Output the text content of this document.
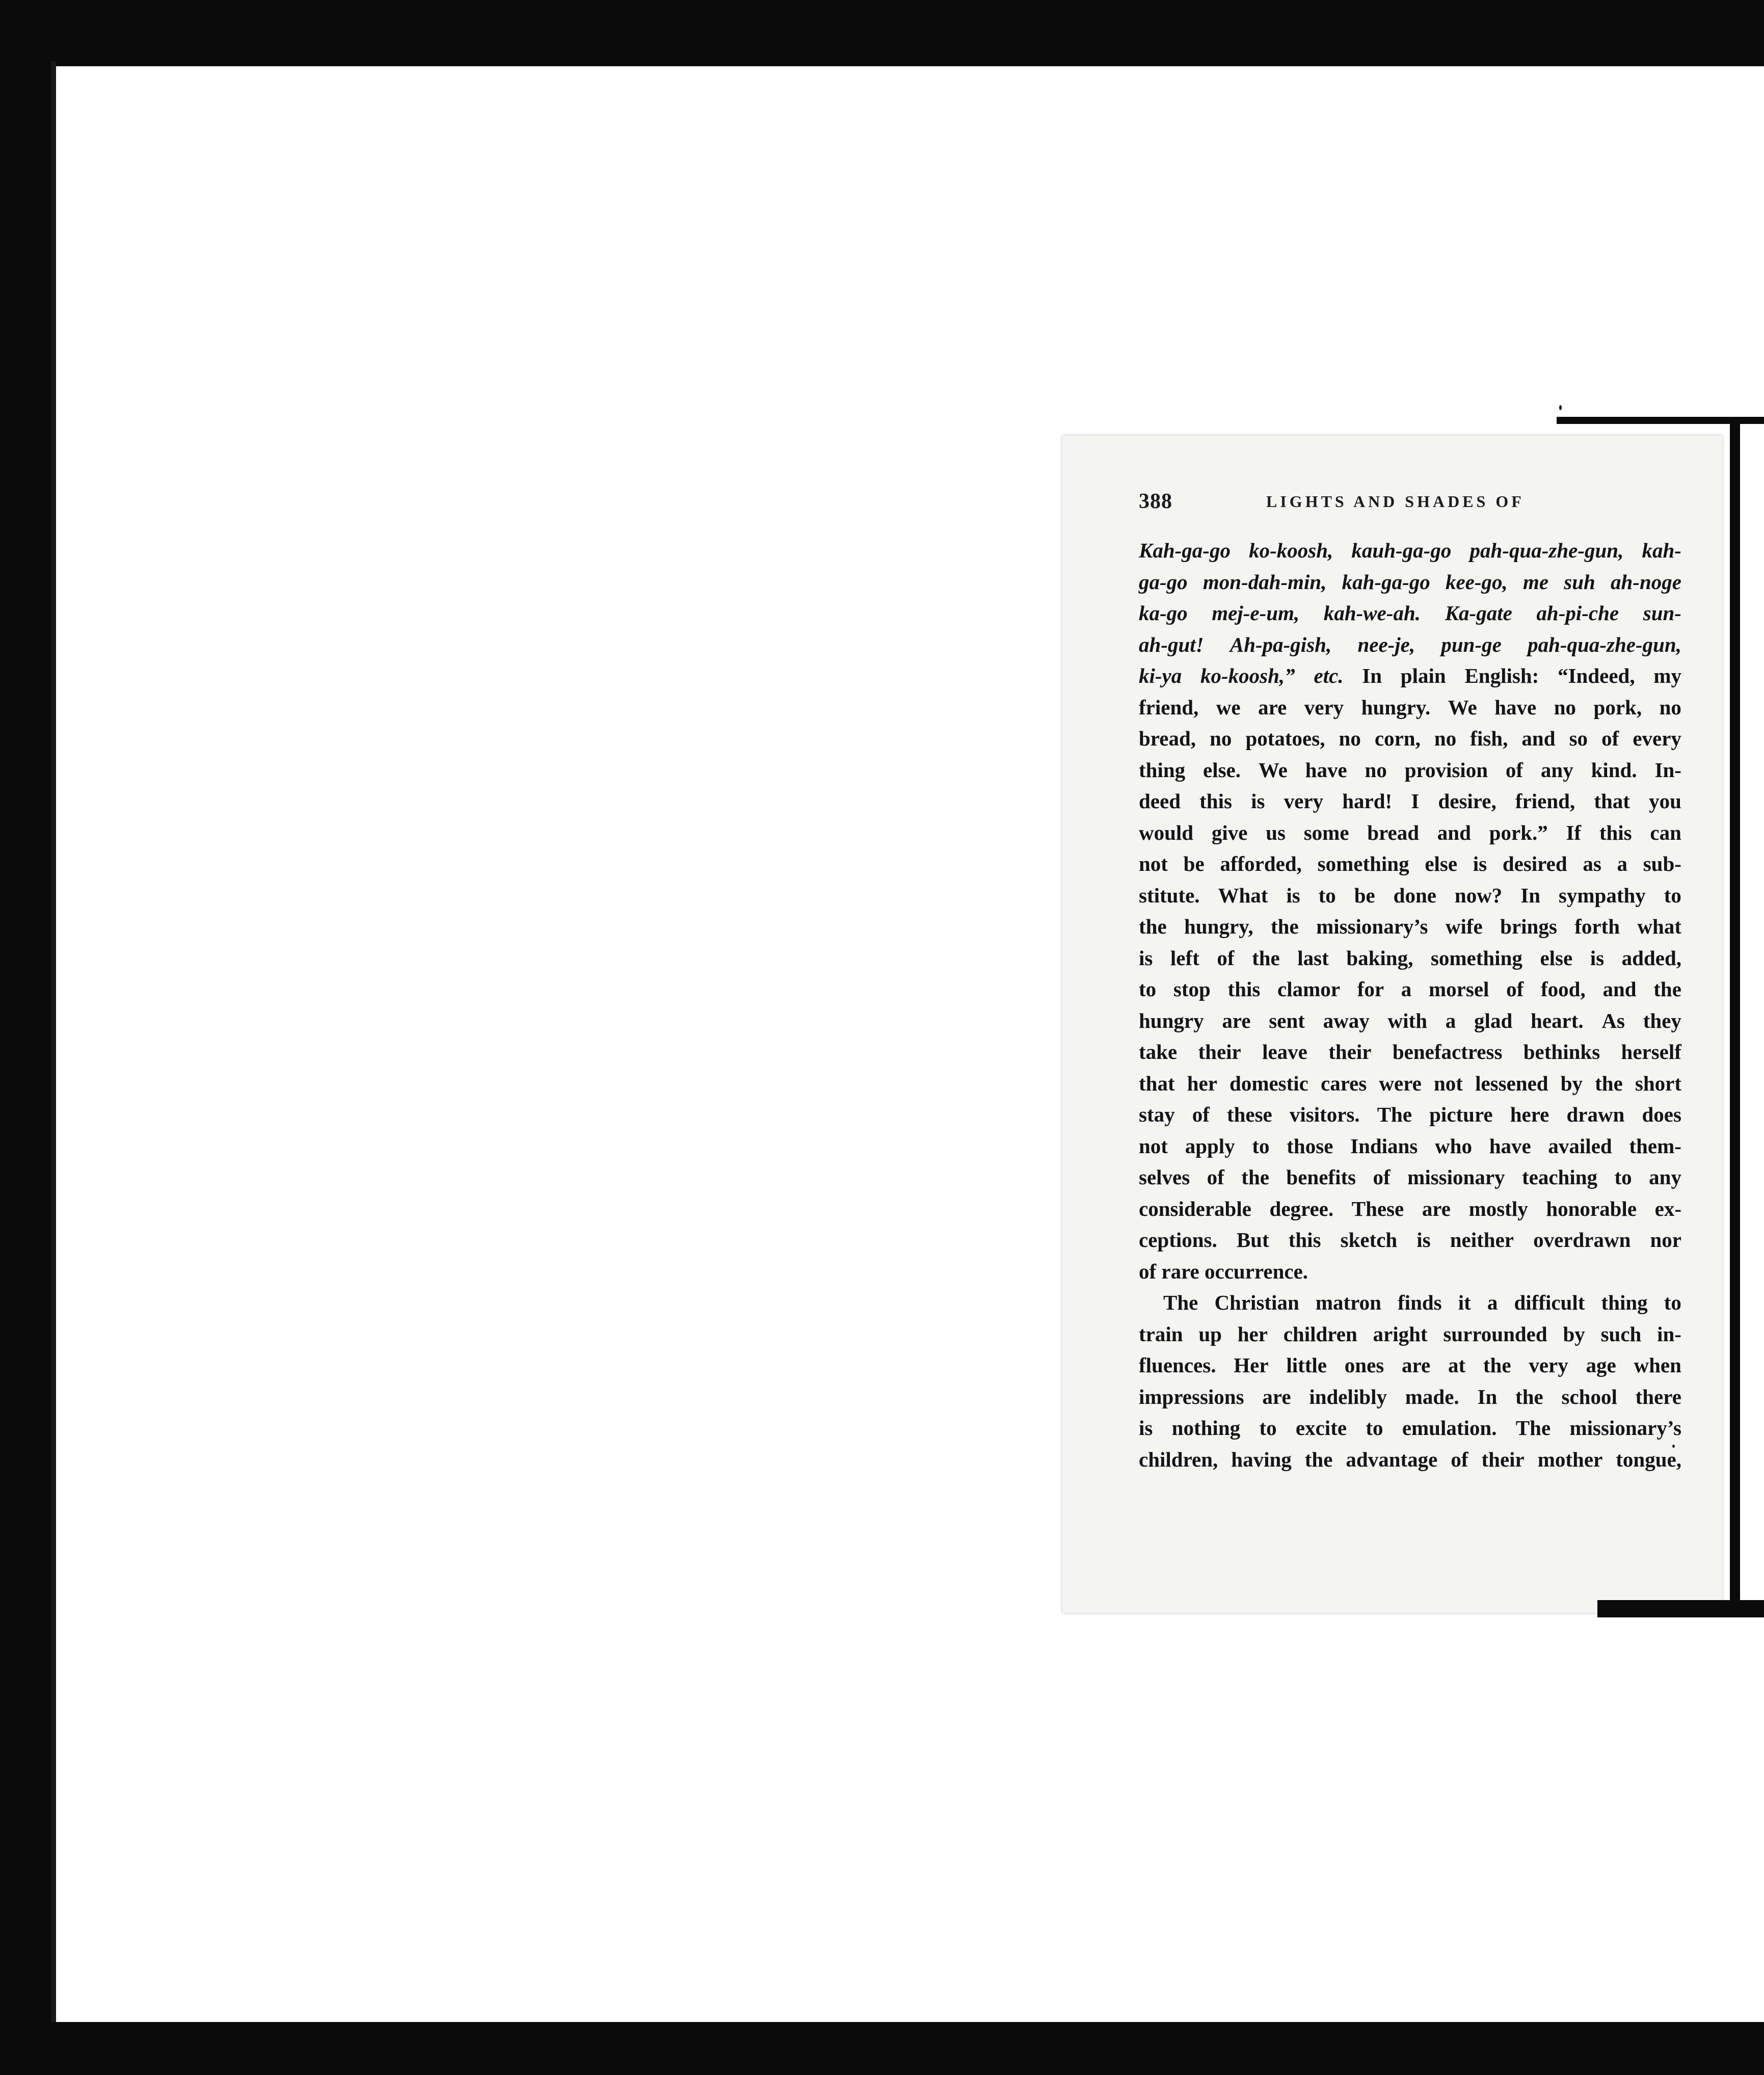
388	LIGHTS AND SHADES OF
Kah-ga-go ko-koosh, kauh-ga-go pah-qua-zhe-gun, kah-
ga-go mon-dah-min, kah-ga-go kee-go, me suh ah-noge
ka-go mej-e-um, kah-we-ah. Ka-gate ah-pi-che sun-
ah-gut! Ah-pa-gish, nee-je, pun-ge pah-qua-zhe-gun,
ki-ya ko-koosh,” etc. In plain English: “Indeed, my
friend, we are very hungry. We have no pork, no
bread, no potatoes, no corn, no fish, and so of every
thing else. We have no provision of any kind. In-
deed this is very hard! I desire, friend, that you
would give us some bread and pork.” If this can
not be afforded, something else is desired as a sub-
stitute. What is to be done now? In sympathy to
the hungry, the missionary’s wife brings forth what
is left of the last baking, something else is added,
to stop this clamor for a morsel of food, and the
hungry are sent away with a glad heart. As they
take their leave their benefactress bethinks herself
that her domestic cares were not lessened by the short
stay of these visitors. The picture here drawn does
not apply to those Indians who have availed them-
selves of the benefits of missionary teaching to any
considerable degree. These are mostly honorable ex-
ceptions. But this sketch is neither overdrawn nor
of rare occurrence.
The Christian matron finds it a difficult thing to
train up her children aright surrounded by such in-
fluences. Her little ones are at the very age when
impressions are indelibly made. In the school there
is nothing to excite to emulation. The missionary’s
children, having the advantage of their mother tongue,
